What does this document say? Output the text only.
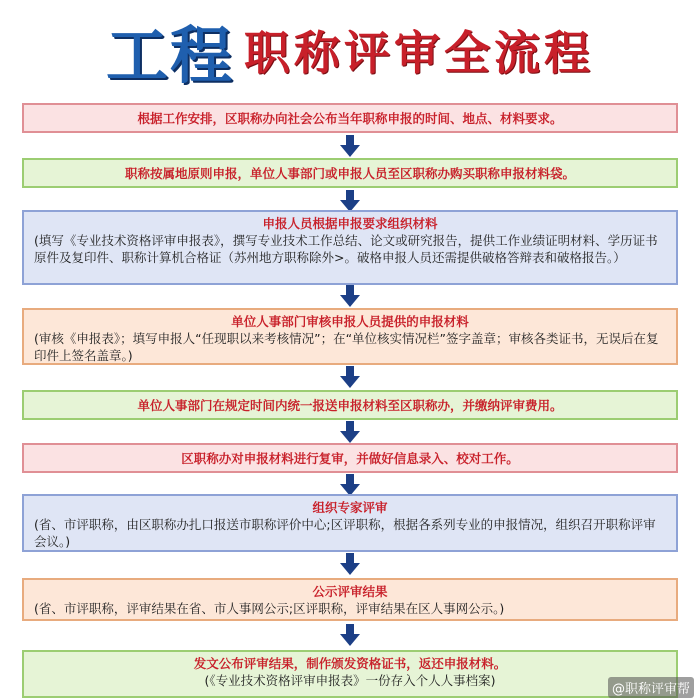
工程 职称评审全流程
根据工作安排，区职称办向社会公布当年职称申报的时间、地点、材料要求。
职称按属地原则申报，单位人事部门或申报人员至区职称办购买职称申报材料袋。
申报人员根据申报要求组织材料
(填写《专业技术资格评审申报表》，撰写专业技术工作总结、论文或研究报告，提供工作业绩证明材料、学历证书原件及复印件、职称计算机合格证（苏州地方职称除外>。破格申报人员还需提供破格答辩表和破格报告。）
单位人事部门审核申报人员提供的申报材料
(审核《申报表》；填写申报人“任现职以来考核情况”；在“单位核实情况栏”签字盖章；审核各类证书，无误后在复印件上签名盖章。)
单位人事部门在规定时间内统一报送申报材料至区职称办，并缴纳评审费用。
区职称办对申报材料进行复审，并做好信息录入、校对工作。
组织专家评审
(省、市评职称，由区职称办扎口报送市职称评价中心;区评职称，根据各系列专业的申报情况，组织召开职称评审会议。)
公示评审结果
(省、市评职称，评审结果在省、市人事网公示;区评职称，评审结果在区人事网公示。)
发文公布评审结果，制作颁发资格证书，返还申报材料。
(《专业技术资格评审申报表》一份存入个人人事档案)
@职称评审帮
